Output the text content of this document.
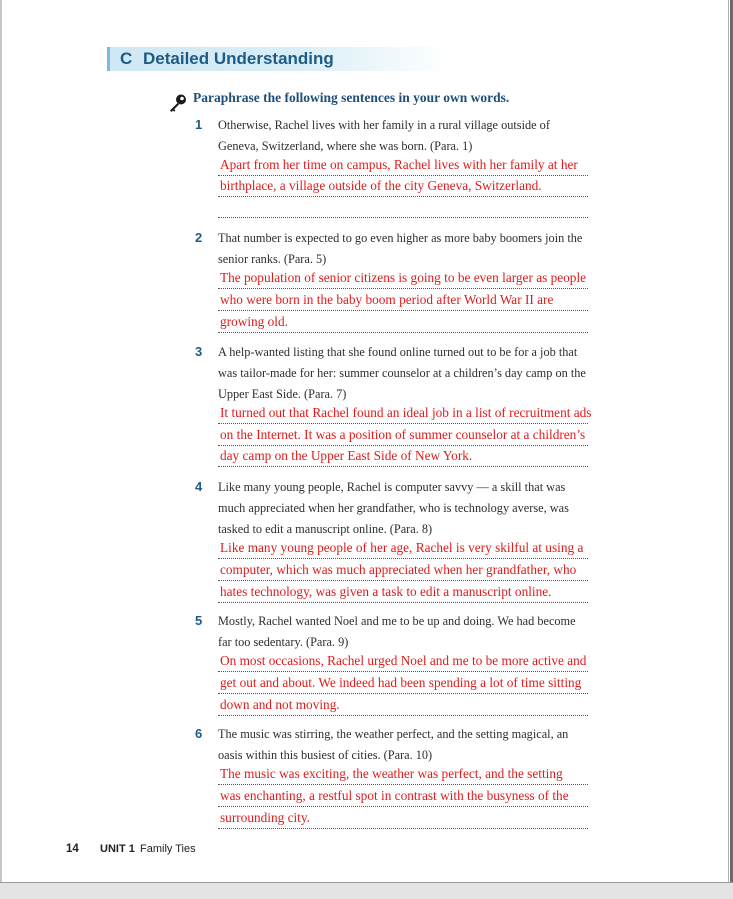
C Detailed Understanding
Paraphrase the following sentences in your own words.
1 Otherwise, Rachel lives with her family in a rural village outside of Geneva, Switzerland, where she was born. (Para. 1)

Apart from her time on campus, Rachel lives with her family at her
birthplace, a village outside of the city Geneva, Switzerland.
2 That number is expected to go even higher as more baby boomers join the senior ranks. (Para. 5)

The population of senior citizens is going to be even larger as people
who were born in the baby boom period after World War II are
growing old.
3 A help-wanted listing that she found online turned out to be for a job that was tailor-made for her: summer counselor at a children’s day camp on the Upper East Side. (Para. 7)

It turned out that Rachel found an ideal job in a list of recruitment ads
on the Internet. It was a position of summer counselor at a children’s
day camp on the Upper East Side of New York.
4 Like many young people, Rachel is computer savvy — a skill that was much appreciated when her grandfather, who is technology averse, was tasked to edit a manuscript online. (Para. 8)

Like many young people of her age, Rachel is very skilful at using a
computer, which was much appreciated when her grandfather, who
hates technology, was given a task to edit a manuscript online.
5 Mostly, Rachel wanted Noel and me to be up and doing. We had become far too sedentary. (Para. 9)

On most occasions, Rachel urged Noel and me to be more active and
get out and about. We indeed had been spending a lot of time sitting
down and not moving.
6 The music was stirring, the weather perfect, and the setting magical, an oasis within this busiest of cities. (Para. 10)

The music was exciting, the weather was perfect, and the setting
was enchanting, a restful spot in contrast with the busyness of the
surrounding city.
14 UNIT 1 Family Ties
